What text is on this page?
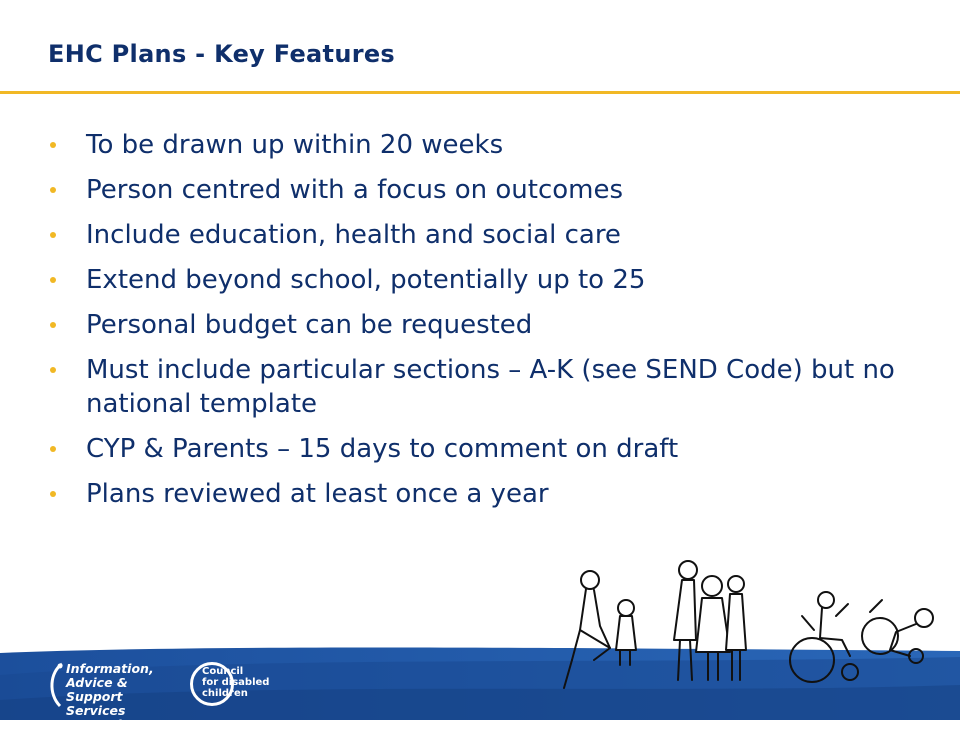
EHC Plans - Key Features
To be drawn up within 20 weeks
Person centred with a focus on outcomes
Include education, health and social care
Extend beyond school, potentially up to 25
Personal budget can be requested
Must include particular sections – A-K (see SEND Code) but no national template
CYP & Parents – 15 days to comment on draft
Plans reviewed at least once a year
Information,
Advice & Support
Services Network
Council
for disabled
children
